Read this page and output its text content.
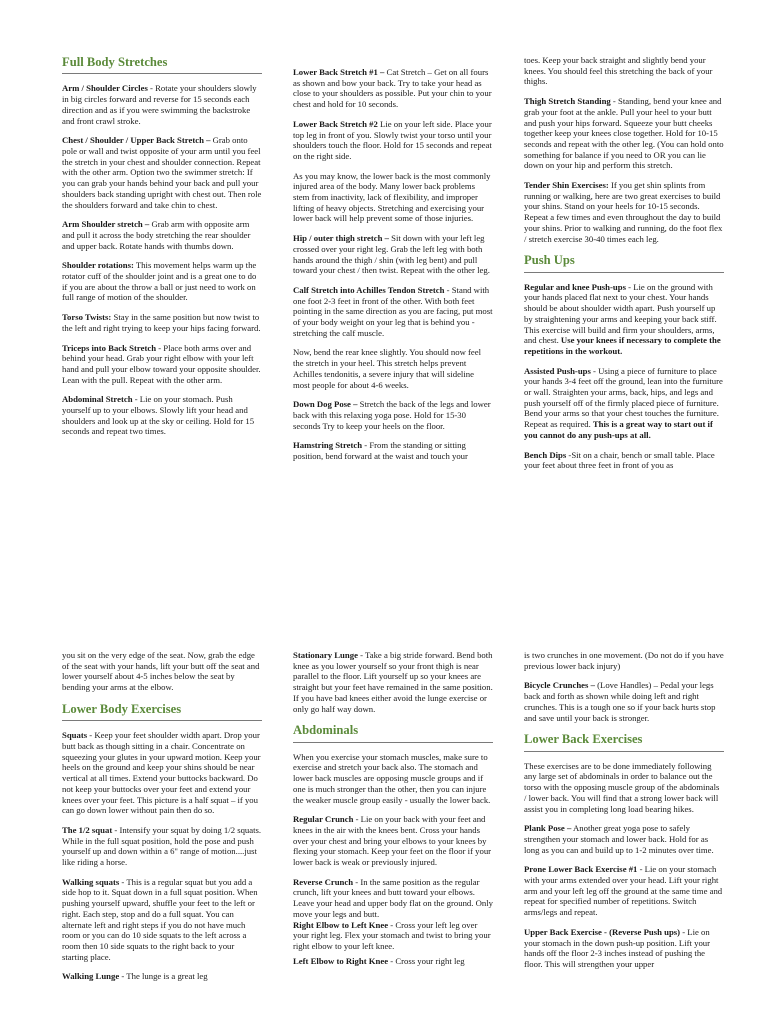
Full Body Stretches

Arm / Shoulder Circles - Rotate your shoulders slowly in big circles forward and reverse for 15 seconds each direction and as if you were swimming the backstroke and front crawl stroke.

Chest / Shoulder / Upper Back Stretch – Grab onto pole or wall and twist opposite of your arm until you feel the stretch in your chest and shoulder connection. Repeat with the other arm. Option two the swimmer stretch: If you can grab your hands behind your back and pull your shoulders back standing upright with chest out. Then role the shoulders forward and take chin to chest.

Arm Shoulder stretch – Grab arm with opposite arm and pull it across the body stretching the rear shoulder and upper back. Rotate hands with thumbs down.

Shoulder rotations: This movement helps warm up the rotator cuff of the shoulder joint and is a great one to do if you are about the throw a ball or just need to work on full range of motion of the shoulder.

Torso Twists: Stay in the same position but now twist to the left and right trying to keep your hips facing forward.

Triceps into Back Stretch - Place both arms over and behind your head. Grab your right elbow with your left hand and pull your elbow toward your opposite shoulder. Lean with the pull. Repeat with the other arm.

Abdominal Stretch - Lie on your stomach. Push yourself up to your elbows. Slowly lift your head and shoulders and look up at the sky or ceiling. Hold for 15 seconds and repeat two times.

Lower Back Stretch #1 – Cat Stretch – Get on all fours as shown and bow your back. Try to take your head as close to your shoulders as possible. Put your chin to your chest and hold for 10 seconds.

Lower Back Stretch #2 Lie on your left side. Place your top leg in front of you. Slowly twist your torso until your shoulders touch the floor. Hold for 15 seconds and repeat on the right side.

As you may know, the lower back is the most commonly injured area of the body. Many lower back problems stem from inactivity, lack of flexibility, and improper lifting of heavy objects. Stretching and exercising your lower back will help prevent some of those injuries.

Hip / outer thigh stretch – Sit down with your left leg crossed over your right leg. Grab the left leg with both hands around the thigh / shin (with leg bent) and pull toward your chest / then twist. Repeat with the other leg.

Calf Stretch into Achilles Tendon Stretch - Stand with one foot 2-3 feet in front of the other. With both feet pointing in the same direction as you are facing, put most of your body weight on your leg that is behind you - stretching the calf muscle.

Now, bend the rear knee slightly. You should now feel the stretch in your heel. This stretch helps prevent Achilles tendonitis, a severe injury that will sideline most people for about 4-6 weeks.

Down Dog Pose – Stretch the back of the legs and lower back with this relaxing yoga pose. Hold for 15-30 seconds Try to keep your heels on the floor.

Hamstring Stretch - From the standing or sitting position, bend forward at the waist and touch your

toes. Keep your back straight and slightly bend your knees. You should feel this stretching the back of your thighs.

Thigh Stretch Standing - Standing, bend your knee and grab your foot at the ankle. Pull your heel to your butt and push your hips forward. Squeeze your butt cheeks together keep your knees close together. Hold for 10-15 seconds and repeat with the other leg. (You can hold onto something for balance if you need to OR you can lie down on your hip and perform this stretch.

Tender Shin Exercises: If you get shin splints from running or walking, here are two great exercises to build your shins. Stand on your heels for 10-15 seconds. Repeat a few times and even throughout the day to build your shins. Prior to walking and running, do the foot flex / stretch exercise 30-40 times each leg.

Push Ups

Regular and knee Push-ups - Lie on the ground with your hands placed flat next to your chest. Your hands should be about shoulder width apart. Push yourself up by straightening your arms and keeping your back stiff. This exercise will build and firm your shoulders, arms, and chest. Use your knees if necessary to complete the repetitions in the workout.

Assisted Push-ups - Using a piece of furniture to place your hands 3-4 feet off the ground, lean into the furniture or wall. Straighten your arms, back, hips, and legs and push yourself off of the firmly placed piece of furniture. Bend your arms so that your chest touches the furniture. Repeat as required. This is a great way to start out if you cannot do any push-ups at all.

Bench Dips -Sit on a chair, bench or small table. Place your feet about three feet in front of you as

you sit on the very edge of the seat. Now, grab the edge of the seat with your hands, lift your butt off the seat and lower yourself about 4-5 inches below the seat by bending your arms at the elbow.

Lower Body Exercises

Squats - Keep your feet shoulder width apart. Drop your butt back as though sitting in a chair. Concentrate on squeezing your glutes in your upward motion. Keep your heels on the ground and keep your shins should be near vertical at all times. Extend your buttocks backward. Do not keep your buttocks over your feet and extend your knees over your feet. This picture is a half squat – if you can go down lower without pain then do so.

The 1/2 squat - Intensify your squat by doing 1/2 squats. While in the full squat position, hold the pose and push yourself up and down within a 6" range of motion....just like riding a horse.

Walking squats - This is a regular squat but you add a side hop to it. Squat down in a full squat position. When pushing yourself upward, shuffle your feet to the left or right. Each step, stop and do a full squat. You can alternate left and right steps if you do not have much room or you can do 10 side squats to the left across a room then 10 side squats to the right back to your starting place.

Walking Lunge - The lunge is a great leg

Stationary Lunge - Take a big stride forward. Bend both knee as you lower yourself so your front thigh is near parallel to the floor. Lift yourself up so your knees are straight but your feet have remained in the same position. If you have bad knees either avoid the lunge exercise or only go half way down.

Abdominals

When you exercise your stomach muscles, make sure to exercise and stretch your back also. The stomach and lower back muscles are opposing muscle groups and if one is much stronger than the other, then you can injure the weaker muscle group easily - usually the lower back.

Regular Crunch - Lie on your back with your feet and knees in the air with the knees bent. Cross your hands over your chest and bring your elbows to your knees by flexing your stomach. Keep your feet on the floor if your lower back is weak or previously injured.

Reverse Crunch - In the same position as the regular crunch, lift your knees and butt toward your elbows. Leave your head and upper body flat on the ground. Only move your legs and butt.
Right Elbow to Left Knee - Cross your left leg over your right leg. Flex your stomach and twist to bring your right elbow to your left knee.

Left Elbow to Right Knee - Cross your right leg

is two crunches in one movement. (Do not do if you have previous lower back injury)

Bicycle Crunches – (Love Handles) – Pedal your legs back and forth as shown while doing left and right crunches. This is a tough one so if your back hurts stop and save until your back is stronger.

Lower Back Exercises

These exercises are to be done immediately following any large set of abdominals in order to balance out the torso with the opposing muscle group of the abdominals / lower back. You will find that a strong lower back will assist you in completing long load bearing hikes.

Plank Pose – Another great yoga pose to safely strengthen your stomach and lower back. Hold for as long as you can and build up to 1-2 minutes over time.

Prone Lower Back Exercise #1 - Lie on your stomach with your arms extended over your head. Lift your right arm and your left leg off the ground at the same time and repeat for specified number of repetitions. Switch arms/legs and repeat.

Upper Back Exercise - (Reverse Push ups) - Lie on your stomach in the down push-up position. Lift your hands off the floor 2-3 inches instead of pushing the floor. This will strengthen your upper
